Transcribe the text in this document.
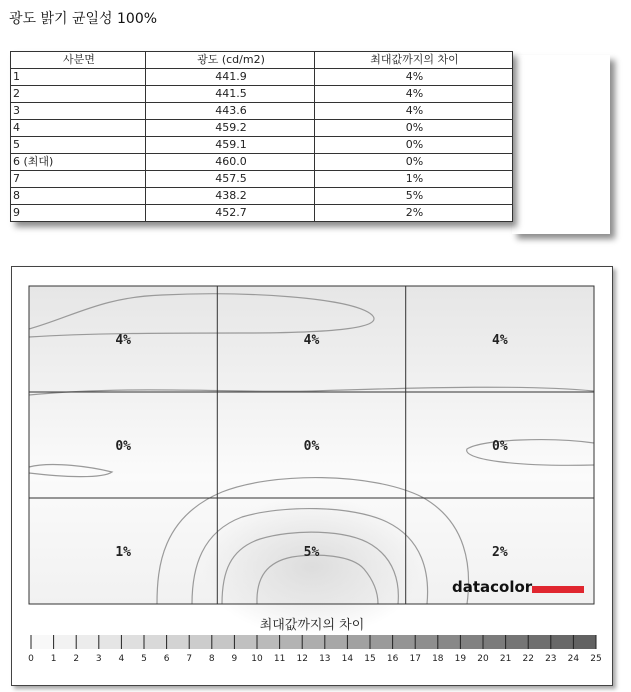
광도 밝기 균일성 100%
사분면	광도 (cd/m2)	최대값까지의 차이
1	441.9	4%
2	441.5	4%
3	443.6	4%
4	459.2	0%
5	459.1	0%
6 (최대)	460.0	0%
7	457.5	1%
8	438.2	5%
9	452.7	2%
4%	4%	4%
0%	0%	0%
1%	5%	2%
datacolor
최대값까지의 차이
0 1 2 3 4 5 6 7 8 9 10 11 12 13 14 15 16 17 18 19 20 21 22 23 24 25
